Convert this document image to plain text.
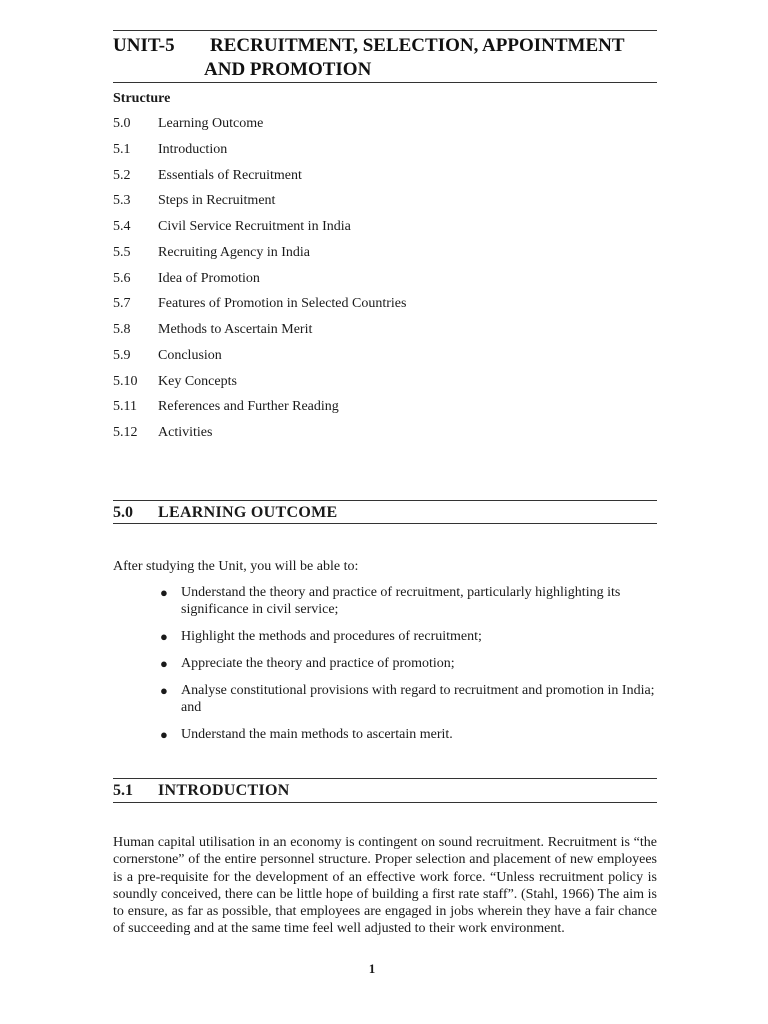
UNIT-5 RECRUITMENT, SELECTION, APPOINTMENT
AND PROMOTION
Structure
5.0 Learning Outcome
5.1 Introduction
5.2 Essentials of Recruitment
5.3 Steps in Recruitment
5.4 Civil Service Recruitment in India
5.5 Recruiting Agency in India
5.6 Idea of Promotion
5.7 Features of Promotion in Selected Countries
5.8 Methods to Ascertain Merit
5.9 Conclusion
5.10 Key Concepts
5.11 References and Further Reading
5.12 Activities
5.0 LEARNING OUTCOME
After studying the Unit, you will be able to:
● Understand the theory and practice of recruitment, particularly highlighting its significance in civil service;
● Highlight the methods and procedures of recruitment;
● Appreciate the theory and practice of promotion;
● Analyse constitutional provisions with regard to recruitment and promotion in India; and
● Understand the main methods to ascertain merit.
5.1 INTRODUCTION
Human capital utilisation in an economy is contingent on sound recruitment. Recruitment is “the cornerstone” of the entire personnel structure. Proper selection and placement of new employees is a pre-requisite for the development of an effective work force. “Unless recruitment policy is soundly conceived, there can be little hope of building a first rate staff”. (Stahl, 1966) The aim is to ensure, as far as possible, that employees are engaged in jobs wherein they have a fair chance of succeeding and at the same time feel well adjusted to their work environment.
1
